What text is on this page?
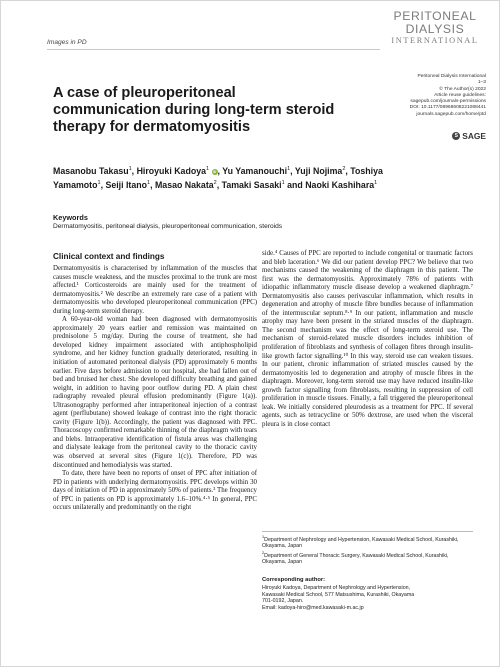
Images in PD
PERITONEAL
DIALYSIS
INTERNATIONAL
Peritoneal Dialysis International
1–3
© The Author(s) 2022
Article reuse guidelines:
sagepub.com/journals-permissions
DOI: 10.1177/08968608221088441
journals.sagepub.com/home/ptd
S SAGE
A case of pleuroperitoneal communication during long-term steroid therapy for dermatomyositis
Masanobu Takasu$^1$, Hiroyuki Kadoya$^1$ iD, Yu Yamanouchi$^1$, Yuji Nojima$^2$, Toshiya Yamamoto$^1$, Seiji Itano$^1$, Masao Nakata$^2$, Tamaki Sasaki$^1$ and Naoki Kashihara$^1$
Keywords
Dermatomyositis, peritoneal dialysis, pleuroperitoneal communication, steroids
Clinical context and findings

Dermatomyositis is characterised by inflammation of the muscles that causes muscle weakness, and the muscles proximal to the trunk are most affected.¹ Corticosteroids are mainly used for the treatment of dermatomyositis.² We describe an extremely rare case of a patient with dermatomyositis who developed pleuroperitoneal communication (PPC) during long-term steroid therapy.

A 60-year-old woman had been diagnosed with dermatomyositis approximately 20 years earlier and remission was maintained on prednisolone 5 mg/day. During the course of treatment, she had developed kidney impairment associated with antiphospholipid syndrome, and her kidney function gradually deteriorated, resulting in initiation of automated peritoneal dialysis (PD) approximately 6 months earlier. Five days before admission to our hospital, she had fallen out of bed and bruised her chest. She developed difficulty breathing and gained weight, in addition to having poor outflow during PD. A plain chest radiography revealed pleural effusion predominantly (Figure 1(a)). Ultrasonography performed after intraperitoneal injection of a contrast agent (perflubutane) showed leakage of contrast into the right thoracic cavity (Figure 1(b)). Accordingly, the patient was diagnosed with PPC. Thoracoscopy confirmed remarkable thinning of the diaphragm with tears and blebs. Intraoperative identification of fistula areas was challenging and dialysate leakage from the peritoneal cavity to the thoracic cavity was observed at several sites (Figure 1(c)). Therefore, PD was discontinued and hemodialysis was started.

To date, there have been no reports of onset of PPC after initiation of PD in patients with underlying dermatomyositis. PPC develops within 30 days of initiation of PD in approximately 50% of patients.³ The frequency of PPC in patients on PD is approximately 1.6–10%.⁴·⁵ In general, PPC occurs unilaterally and predominantly on the right

side.⁴ Causes of PPC are reported to include congenital or traumatic factors and bleb laceration.⁶ We did our patient develop PPC? We believe that two mechanisms caused the weakening of the diaphragm in this patient. The first was the dermatomyositis. Approximately 78% of patients with idiopathic inflammatory muscle disease develop a weakened diaphragm.⁷ Dermatomyositis also causes perivascular inflammation, which results in degeneration and atrophy of muscle fibre bundles because of inflammation of the intermuscular septum.⁸·⁹ In our patient, inflammation and muscle atrophy may have been present in the striated muscles of the diaphragm. The second mechanism was the effect of long-term steroid use. The mechanism of steroid-related muscle disorders includes inhibition of proliferation of fibroblasts and synthesis of collagen fibres through insulin-like growth factor signalling.¹⁰ In this way, steroid use can weaken tissues. In our patient, chronic inflammation of striated muscles caused by the dermatomyositis led to degeneration and atrophy of muscle fibres in the diaphragm. Moreover, long-term steroid use may have reduced insulin-like growth factor signalling from fibroblasts, resulting in suppression of cell proliferation in muscle tissues. Finally, a fall triggered the pleuroperitoneal leak. We initially considered pleurodesis as a treatment for PPC. If several agents, such as tetracycline or 50% dextrose, are used when the visceral pleura is in close contact

$^1$Department of Nephrology and Hypertension, Kawasaki Medical School, Kurashiki, Okayama, Japan
$^2$Department of General Thoracic Surgery, Kawasaki Medical School, Kurashiki, Okayama, Japan
Corresponding author:
Hiroyuki Kadoya, Department of Nephrology and Hypertension,
Kawasaki Medical School, 577 Matsushima, Kurashiki, Okayama
701-0192, Japan.
Email: kadoya-hiro@med.kawasaki-m.ac.jp
